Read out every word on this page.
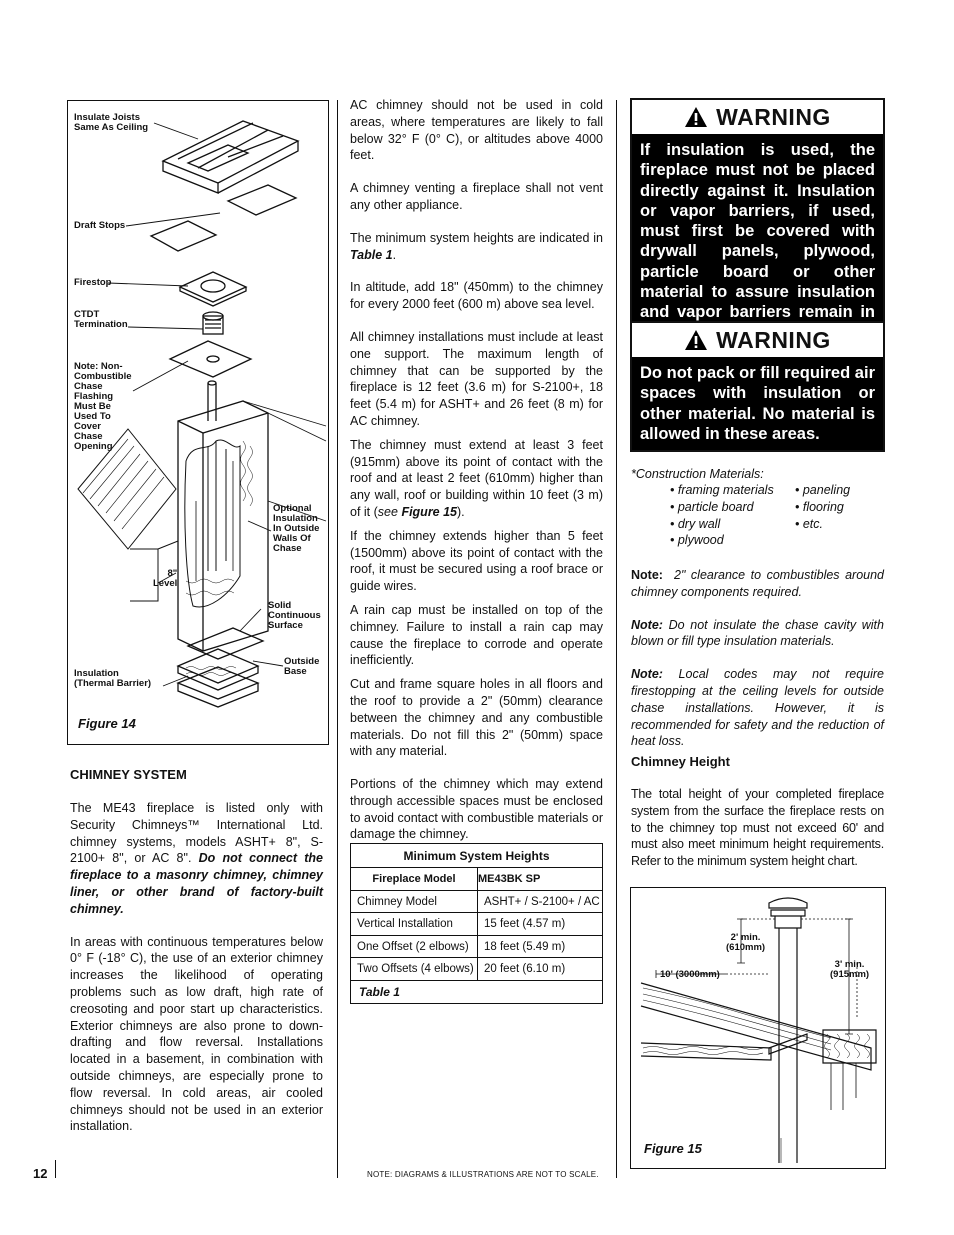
Insulate Joists
Same As Ceiling
Draft Stops
Firestop
CTDT
Termination
Note: Non-
Combustible
Chase
Flashing
Must Be
Used To
Cover
Chase
Opening
Optional
Insulation
In Outside
Walls Of
Chase
8"
Level
Solid
Continuous
Surface
Outside
Base
Insulation
(Thermal Barrier)
Figure 14
CHIMNEY SYSTEM

The ME43 fireplace is listed only with Security Chimneys™ International Ltd. chimney systems, models ASHT+ 8", S-2100+ 8", or AC 8". Do not connect the fireplace to a masonry chimney, chimney liner, or other brand of factory-built chimney.

In areas with continuous temperatures below 0° F (-18° C), the use of an exterior chimney increases the likelihood of operating problems such as low draft, high rate of creosoting and poor start up characteristics. Exterior chimneys are also prone to down-drafting and flow reversal. Installations located in a basement, in combination with outside chimneys, are especially prone to flow reversal. In cold areas, air cooled chimneys should not be used in an exterior installation.

AC chimney should not be used in cold areas, where temperatures are likely to fall below 32° F (0° C), or altitudes above 4000 feet.

A chimney venting a fireplace shall not vent any other appliance.

The minimum system heights are indicated in Table 1.

In altitude, add 18" (450mm) to the chimney for every 2000 feet (600 m) above sea level.

All chimney installations must include at least one support. The maximum length of chimney that can be supported by the fireplace is 12 feet (3.6 m) for S-2100+, 18 feet (5.4 m) for ASHT+ and 26 feet (8 m) for AC chimney.

The chimney must extend at least 3 feet (915mm) above its point of contact with the roof and at least 2 feet (610mm) higher than any wall, roof or building within 10 feet (3 m) of it (see Figure 15).

If the chimney extends higher than 5 feet (1500mm) above its point of contact with the roof, it must be secured using a roof brace or guide wires.

A rain cap must be installed on top of the chimney. Failure to install a rain cap may cause the fireplace to corrode and operate inefficiently.

Cut and frame square holes in all floors and the roof to provide a 2" (50mm) clearance between the chimney and any combustible materials. Do not fill this 2" (50mm) space with any material.

Portions of the chimney which may extend through accessible spaces must be enclosed to avoid contact with combustible materials or damage the chimney.

Minimum System Heights
Fireplace Model	ME43BK SP
Chimney Model	ASHT+ / S-2100+ / AC
Vertical Installation	15 feet (4.57 m)
One Offset (2 elbows)	18 feet (5.49 m)
Two Offsets (4 elbows) 20 feet (6.10 m)
Table 1
WARNING
If insulation is used, the fireplace must not be placed directly against it. Insulation or vapor barriers, if used, must first be covered with drywall panels, plywood, particle board or other material to assure insulation and vapor barriers remain in
WARNING
Do not pack or fill required air spaces with insulation or other material. No material is allowed in these areas.
*Construction Materials:
• framing materials	• paneling
• particle board	• flooring
• dry wall	• etc.
• plywood

Note: 2" clearance to combustibles around chimney components required.

Note: Do not insulate the chase cavity with blown or fill type insulation materials.

Note: Local codes may not require firestopping at the ceiling levels for outside chase installations. However, it is recommended for safety and the reduction of heat loss.

Chimney Height

The total height of your completed fireplace system from the surface the fireplace rests on to the chimney top must not exceed 60' and must also meet minimum height requirements. Refer to the minimum system height chart.

2' min.
(610mm)
3' min.
(915mm)
10' (3000mm)
Figure 15
12	NOTE: DIAGRAMS & ILLUSTRATIONS ARE NOT TO SCALE.
